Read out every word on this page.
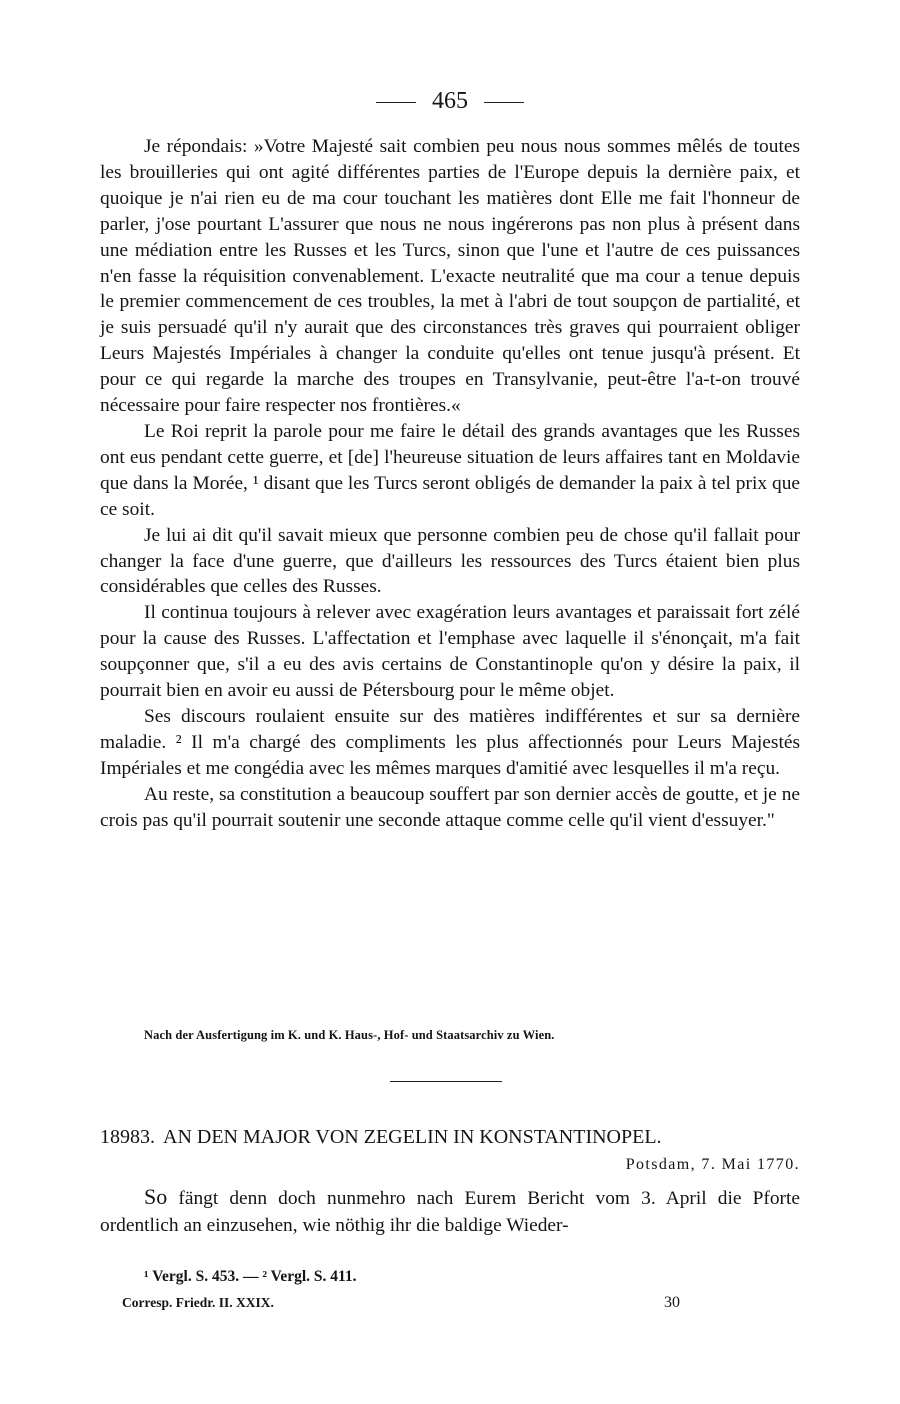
465

Je répondais: »Votre Majesté sait combien peu nous nous sommes mêlés de toutes les brouilleries qui ont agité différentes parties de l'Europe depuis la dernière paix, et quoique je n'ai rien eu de ma cour touchant les matières dont Elle me fait l'honneur de parler, j'ose pourtant L'assurer que nous ne nous ingérerons pas non plus à présent dans une médiation entre les Russes et les Turcs, sinon que l'une et l'autre de ces puissances n'en fasse la réquisition convenablement. L'exacte neutralité que ma cour a tenue depuis le premier commencement de ces troubles, la met à l'abri de tout soupçon de partialité, et je suis persuadé qu'il n'y aurait que des circonstances très graves qui pourraient obliger Leurs Majestés Impériales à changer la conduite qu'elles ont tenue jusqu'à présent. Et pour ce qui regarde la marche des troupes en Transylvanie, peut-être l'a-t-on trouvé nécessaire pour faire respecter nos frontières.«

Le Roi reprit la parole pour me faire le détail des grands avantages que les Russes ont eus pendant cette guerre, et [de] l'heureuse situation de leurs affaires tant en Moldavie que dans la Morée, ¹ disant que les Turcs seront obligés de demander la paix à tel prix que ce soit.

Je lui ai dit qu'il savait mieux que personne combien peu de chose qu'il fallait pour changer la face d'une guerre, que d'ailleurs les ressources des Turcs étaient bien plus considérables que celles des Russes.

Il continua toujours à relever avec exagération leurs avantages et paraissait fort zélé pour la cause des Russes. L'affectation et l'emphase avec laquelle il s'énonçait, m'a fait soupçonner que, s'il a eu des avis certains de Constantinople qu'on y désire la paix, il pourrait bien en avoir eu aussi de Pétersbourg pour le même objet.

Ses discours roulaient ensuite sur des matières indifférentes et sur sa dernière maladie. ² Il m'a chargé des compliments les plus affectionnés pour Leurs Majestés Impériales et me congédia avec les mêmes marques d'amitié avec lesquelles il m'a reçu.

Au reste, sa constitution a beaucoup souffert par son dernier accès de goutte, et je ne crois pas qu'il pourrait soutenir une seconde attaque comme celle qu'il vient d'essuyer."

Nach der Ausfertigung im K. und K. Haus-, Hof- und Staatsarchiv zu Wien.
18983. AN DEN MAJOR VON ZEGELIN IN KONSTANTINOPEL.
Potsdam, 7. Mai 1770.

So fängt denn doch nunmehro nach Eurem Bericht vom 3. April die Pforte ordentlich an einzusehen, wie nöthig ihr die baldige Wieder-

¹ Vergl. S. 453. — ² Vergl. S. 411.
Corresp. Friedr. II. XXIX.	30
